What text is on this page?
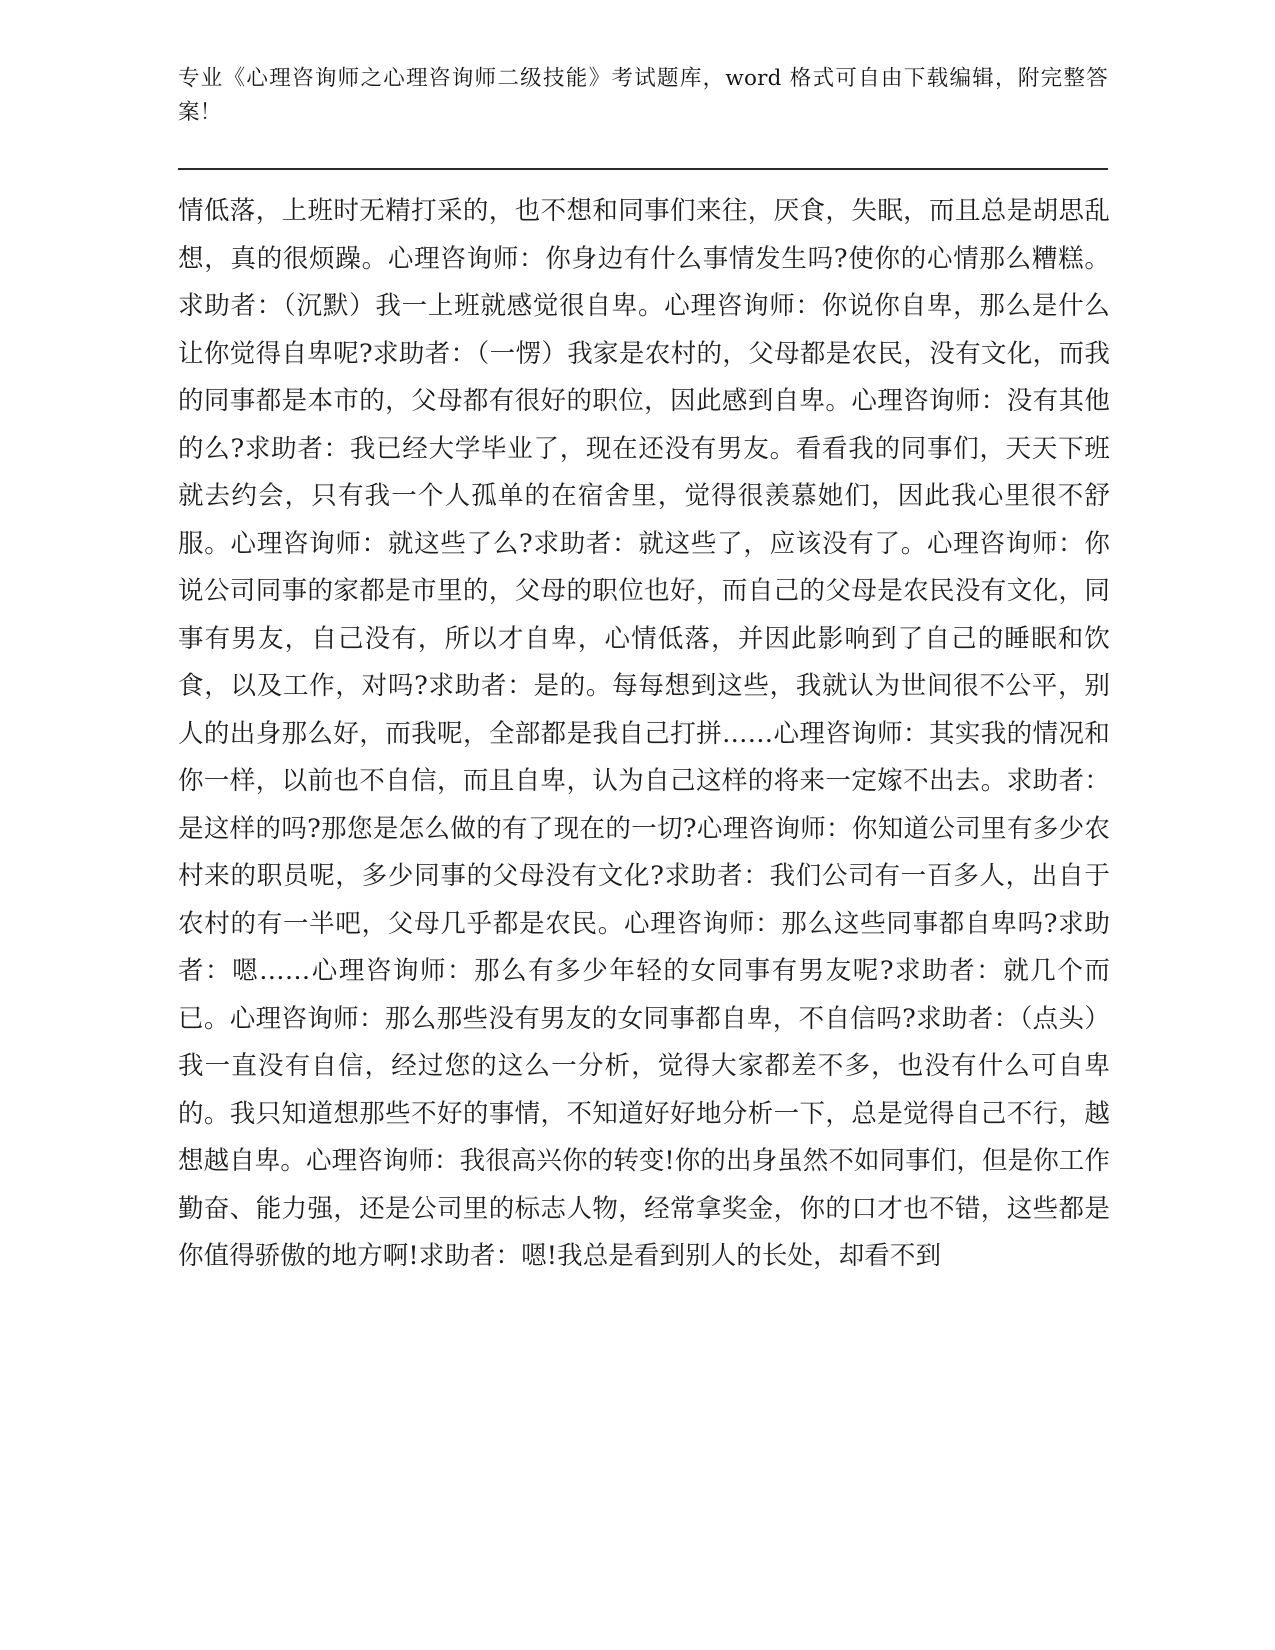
专业《心理咨询师之心理咨询师二级技能》考试题库，word 格式可自由下载编辑，附完整答案！
情低落，上班时无精打采的，也不想和同事们来往，厌食，失眠，而且总是胡思乱想，真的很烦躁。心理咨询师：你身边有什么事情发生吗?使你的心情那么糟糕。求助者：（沉默）我一上班就感觉很自卑。心理咨询师：你说你自卑，那么是什么让你觉得自卑呢?求助者：（一愣）我家是农村的，父母都是农民，没有文化，而我的同事都是本市的，父母都有很好的职位，因此感到自卑。心理咨询师：没有其他的么?求助者：我已经大学毕业了，现在还没有男友。看看我的同事们，天天下班就去约会，只有我一个人孤单的在宿舍里，觉得很羡慕她们，因此我心里很不舒服。心理咨询师：就这些了么?求助者：就这些了，应该没有了。心理咨询师：你说公司同事的家都是市里的，父母的职位也好，而自己的父母是农民没有文化，同事有男友，自己没有，所以才自卑，心情低落，并因此影响到了自己的睡眠和饮食，以及工作，对吗?求助者：是的。每每想到这些，我就认为世间很不公平，别人的出身那么好，而我呢，全部都是我自己打拼……心理咨询师：其实我的情况和你一样，以前也不自信，而且自卑，认为自己这样的将来一定嫁不出去。求助者：是这样的吗?那您是怎么做的有了现在的一切?心理咨询师：你知道公司里有多少农村来的职员呢，多少同事的父母没有文化?求助者：我们公司有一百多人，出自于农村的有一半吧，父母几乎都是农民。心理咨询师：那么这些同事都自卑吗?求助者：嗯……心理咨询师：那么有多少年轻的女同事有男友呢?求助者：就几个而已。心理咨询师：那么那些没有男友的女同事都自卑，不自信吗?求助者：（点头）我一直没有自信，经过您的这么一分析，觉得大家都差不多，也没有什么可自卑的。我只知道想那些不好的事情，不知道好好地分析一下，总是觉得自己不行，越想越自卑。心理咨询师：我很高兴你的转变!你的出身虽然不如同事们，但是你工作勤奋、能力强，还是公司里的标志人物，经常拿奖金，你的口才也不错，这些都是你值得骄傲的地方啊!求助者：嗯!我总是看到别人的长处，却看不到
